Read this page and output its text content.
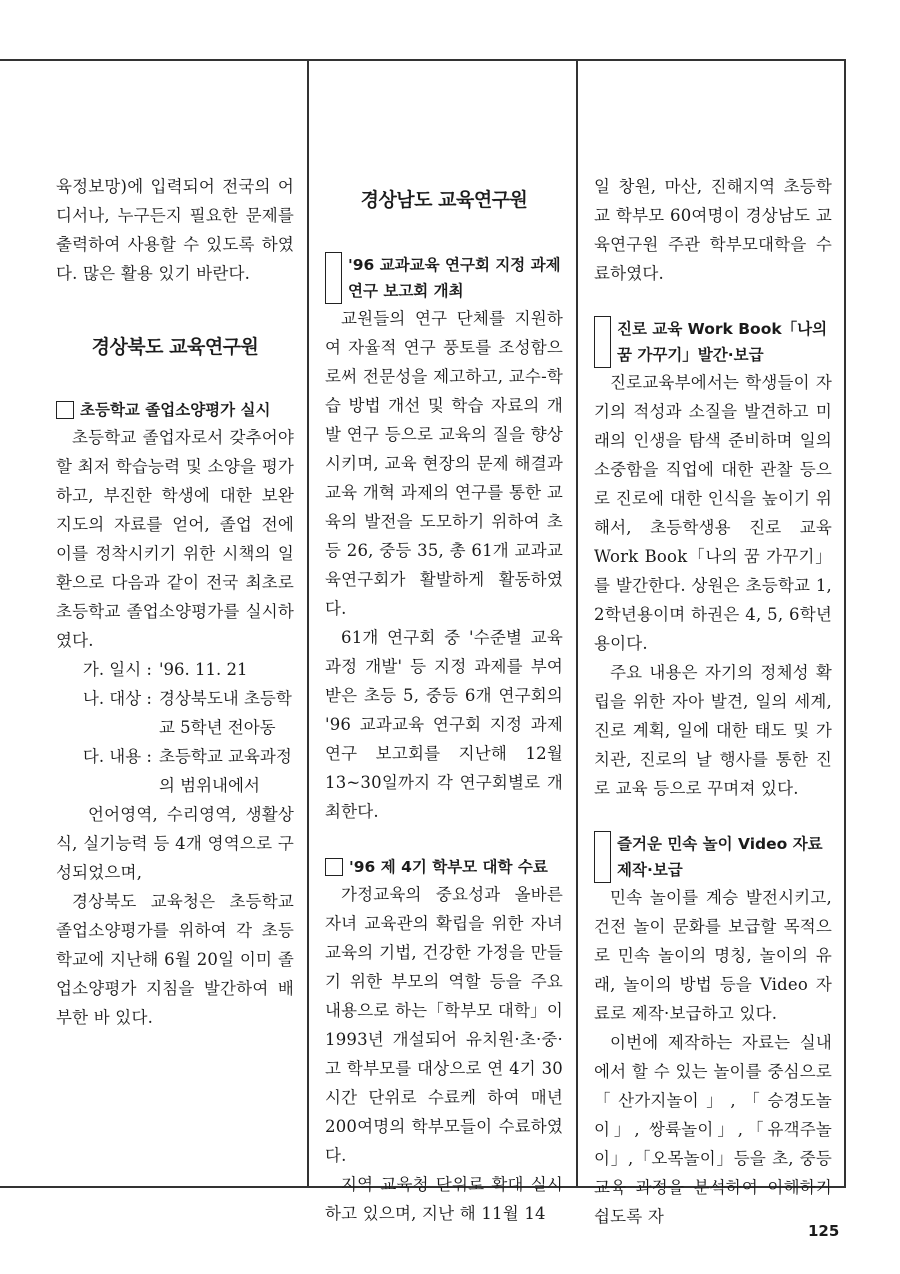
육정보망)에 입력되어 전국의 어디서나, 누구든지 필요한 문제를 출력하여 사용할 수 있도록 하였다. 많은 활용 있기 바란다.

경상북도 교육연구원
초등학교 졸업소양평가 실시

초등학교 졸업자로서 갖추어야 할 최저 학습능력 및 소양을 평가하고, 부진한 학생에 대한 보완 지도의 자료를 얻어, 졸업 전에 이를 정착시키기 위한 시책의 일환으로 다음과 같이 전국 최초로 초등학교 졸업소양평가를 실시하였다.

가. 일시 : '96. 11. 21
나. 대상 : 경상북도내 초등학
교 5학년 전아동
다. 내용 : 초등학교 교육과정
의 범위내에서

언어영역, 수리영역, 생활상식, 실기능력 등 4개 영역으로 구성되었으며,

경상북도 교육청은 초등학교 졸업소양평가를 위하여 각 초등학교에 지난해 6월 20일 이미 졸업소양평가 지침을 발간하여 배부한 바 있다.

경상남도 교육연구원
'96 교과교육 연구회 지정 과제 연구 보고회 개최

교원들의 연구 단체를 지원하여 자율적 연구 풍토를 조성함으로써 전문성을 제고하고, 교수-학습 방법 개선 및 학습 자료의 개발 연구 등으로 교육의 질을 향상시키며, 교육 현장의 문제 해결과 교육 개혁 과제의 연구를 통한 교육의 발전을 도모하기 위하여 초등 26, 중등 35, 총 61개 교과교육연구회가 활발하게 활동하였다.

61개 연구회 중 '수준별 교육과정 개발' 등 지정 과제를 부여받은 초등 5, 중등 6개 연구회의 '96 교과교육 연구회 지정 과제 연구 보고회를 지난해 12월 13~30일까지 각 연구회별로 개최한다.

'96 제 4기 학부모 대학 수료

가정교육의 중요성과 올바른 자녀 교육관의 확립을 위한 자녀 교육의 기법, 건강한 가정을 만들기 위한 부모의 역할 등을 주요 내용으로 하는「학부모 대학」이 1993년 개설되어 유치원·초·중·고 학부모를 대상으로 연 4기 30시간 단위로 수료케 하여 매년 200여명의 학부모들이 수료하였다.

지역 교육청 단위로 확대 실시하고 있으며, 지난 해 11월 14

일 창원, 마산, 진해지역 초등학교 학부모 60여명이 경상남도 교육연구원 주관 학부모대학을 수료하였다.

진로 교육 Work Book「나의 꿈 가꾸기」발간·보급

진로교육부에서는 학생들이 자기의 적성과 소질을 발견하고 미래의 인생을 탐색 준비하며 일의 소중함을 직업에 대한 관찰 등으로 진로에 대한 인식을 높이기 위해서, 초등학생용 진로 교육 Work Book「나의 꿈 가꾸기」를 발간한다. 상원은 초등학교 1, 2학년용이며 하권은 4, 5, 6학년용이다.

주요 내용은 자기의 정체성 확립을 위한 자아 발견, 일의 세계, 진로 계획, 일에 대한 태도 및 가치관, 진로의 날 행사를 통한 진로 교육 등으로 꾸며져 있다.

즐거운 민속 놀이 Video 자료 제작·보급

민속 놀이를 계승 발전시키고, 건전 놀이 문화를 보급할 목적으로 민속 놀이의 명칭, 놀이의 유래, 놀이의 방법 등을 Video 자료로 제작·보급하고 있다.

이번에 제작하는 자료는 실내에서 할 수 있는 놀이를 중심으로「산가지놀이」,「승경도놀이」, 쌍륙놀이」,「유객주놀이」,「오목놀이」등을 초, 중등 교육 과정을 분석하여 이해하기 쉽도록 자

125
